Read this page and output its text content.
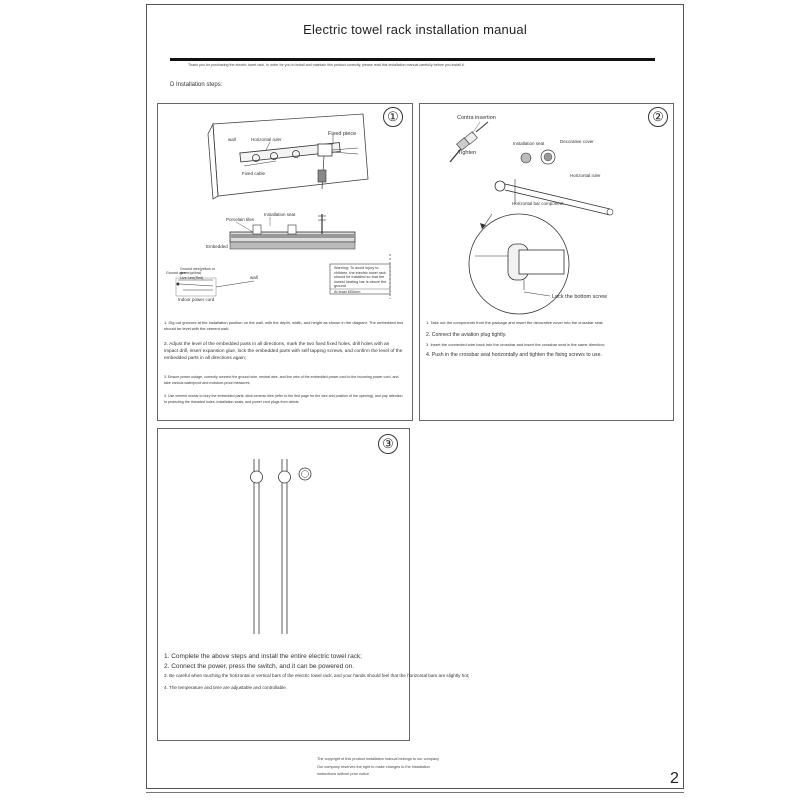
Electric towel rack installation manual
Thank you for purchasing the electric towel rack. In order for you to install and maintain this product correctly, please read this installation manual carefully before you install it.
D Installation steps:
①
wall	Horizontal ruler
Fixed piece
Fixed cable
Porcelain tiles
Installation seat
Embedded
wall
Ground wire(yellow or
green/yellow)
Live Line(Red)
Ground wire
Indoor power cord
Warning: To avoid injury to children, the electric towel rack should be installed so that the lowest heating bar is above the ground
At least 600mm
1. Dig out grooves at the installation position on the wall, with the depth, width, and height as shown in the diagram. The embedded box should be level with the cement wall;
2. Adjust the level of the embedded parts in all directions, mark the two fixed fixed holes, drill holes with an impact drill, insert expansion glue, lock the embedded parts with self tapping screws, and confirm the level of the embedded parts in all directions again;
3. Ensure power outage, correctly connect the ground wire, neutral wire, and live wire of the embedded power cord to the incoming power cord, and take various waterproof and moisture-proof measures;
4. Use cement mortar to bury the embedded parts, stick ceramic tiles (refer to the first page for the size and position of the opening), and pay attention to protecting the threaded holes, installation seats, and power cord plugs from debris.
②
Contra insertion
Tighten
Installation seat	Decorative cover
Horizontal ruler
Horizontal bar component
Lock the bottom screw
1. Take out the components from the package and insert the decorative cover into the crossbar seat;
2. Connect the aviation plug tightly.
3. Insert the connected wire back into the crossbar and insert the crossbar seat in the same direction;
4. Push in the crossbar seat horizontally and tighten the fixing screws to use.
③
1. Complete the above steps and install the entire electric towel rack;
2. Connect the power, press the switch, and it can be powered on.
3. Be careful when touching the horizontal or vertical bars of the electric towel rack, and your hands should feel that the horizontal bars are slightly hot;
4. The temperature and time are adjustable and controllable.
The copyright of this product installation manual belongs to our company
Our company reserves the right to make changes to the installation
instructions without prior notice	2
